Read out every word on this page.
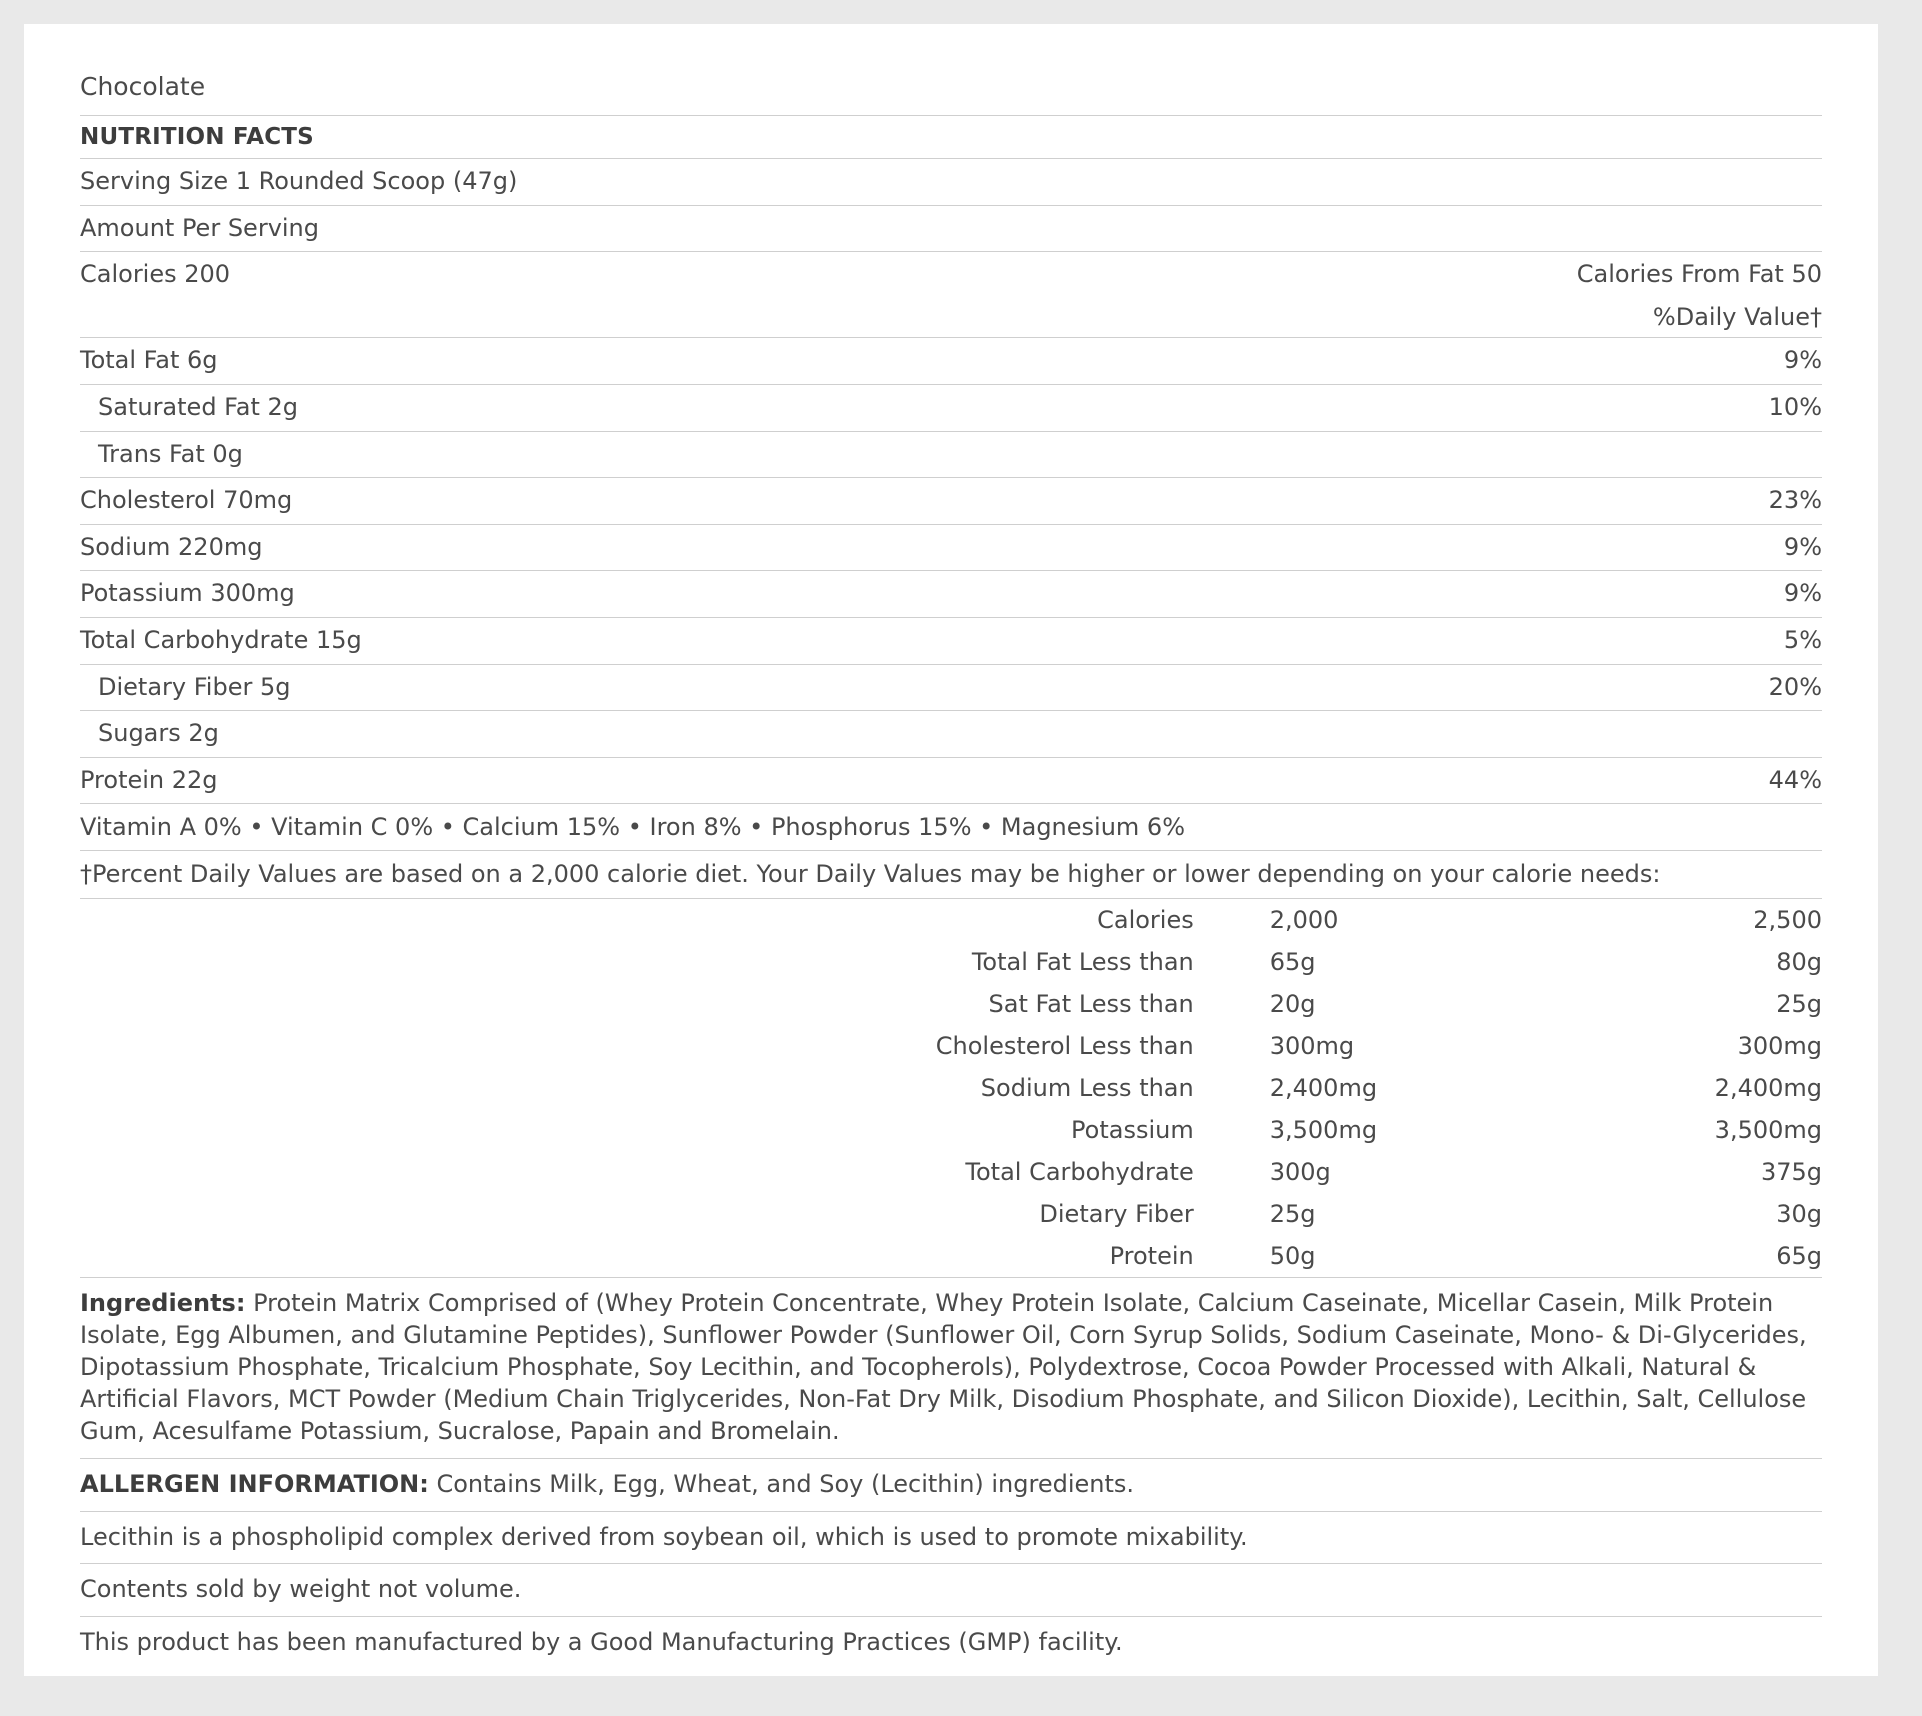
Chocolate
NUTRITION FACTS
Serving Size 1 Rounded Scoop (47g)
Amount Per Serving
Calories 200	Calories From Fat 50
%Daily Value†
Total Fat 6g	9%
Saturated Fat 2g	10%
Trans Fat 0g
Cholesterol 70mg	23%
Sodium 220mg	9%
Potassium 300mg	9%
Total Carbohydrate 15g	5%
Dietary Fiber 5g	20%
Sugars 2g
Protein 22g	44%
Vitamin A 0% • Vitamin C 0% • Calcium 15% • Iron 8% • Phosphorus 15% • Magnesium 6%
†Percent Daily Values are based on a 2,000 calorie diet. Your Daily Values may be higher or lower depending on your calorie needs:
Calories	2,000	2,500
Total Fat Less than	65g	80g
Sat Fat Less than	20g	25g
Cholesterol Less than	300mg	300mg
Sodium Less than	2,400mg	2,400mg
Potassium	3,500mg	3,500mg
Total Carbohydrate	300g	375g
Dietary Fiber	25g	30g
Protein	50g	65g
Ingredients: Protein Matrix Comprised of (Whey Protein Concentrate, Whey Protein Isolate, Calcium Caseinate, Micellar Casein, Milk Protein Isolate, Egg Albumen, and Glutamine Peptides), Sunflower Powder (Sunflower Oil, Corn Syrup Solids, Sodium Caseinate, Mono- & Di-Glycerides, Dipotassium Phosphate, Tricalcium Phosphate, Soy Lecithin, and Tocopherols), Polydextrose, Cocoa Powder Processed with Alkali, Natural & Artificial Flavors, MCT Powder (Medium Chain Triglycerides, Non-Fat Dry Milk, Disodium Phosphate, and Silicon Dioxide), Lecithin, Salt, Cellulose Gum, Acesulfame Potassium, Sucralose, Papain and Bromelain.
ALLERGEN INFORMATION: Contains Milk, Egg, Wheat, and Soy (Lecithin) ingredients.
Lecithin is a phospholipid complex derived from soybean oil, which is used to promote mixability.
Contents sold by weight not volume.
This product has been manufactured by a Good Manufacturing Practices (GMP) facility.
